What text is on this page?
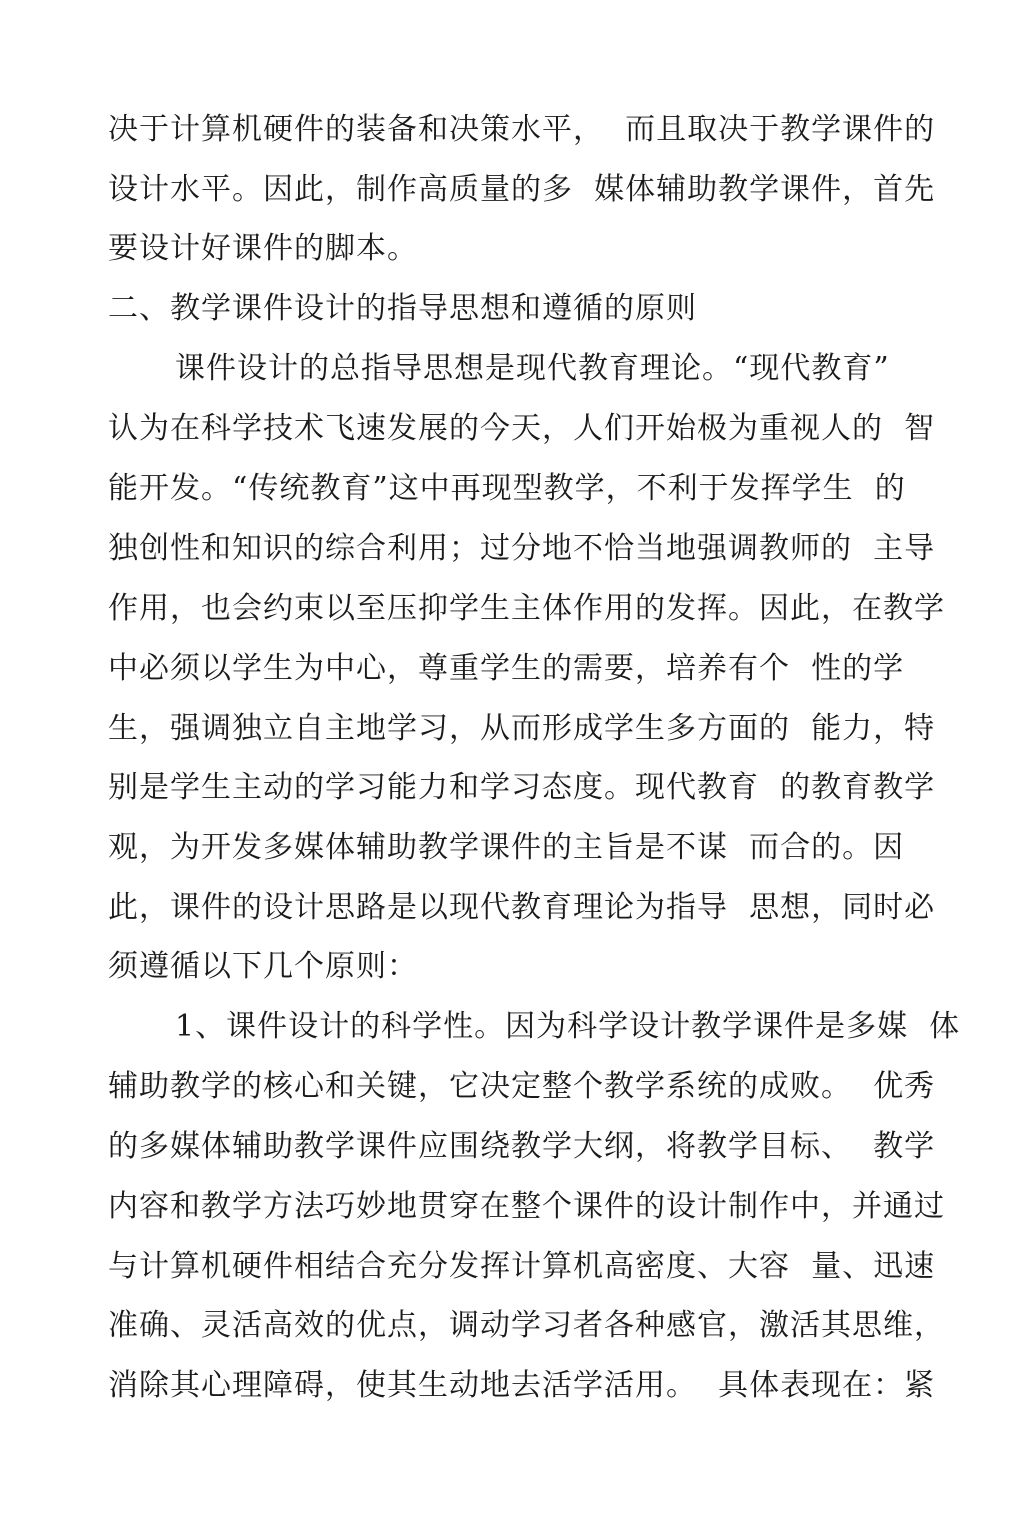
决于计算机硬件的装备和决策水平，  而且取决于教学课件的

设计水平。因此，制作高质量的多  媒体辅助教学课件，首先

要设计好课件的脚本。

二、教学课件设计的指导思想和遵循的原则

课件设计的总指导思想是现代教育理论。“现代教育”

认为在科学技术飞速发展的今天，人们开始极为重视人的  智

能开发。“传统教育”这中再现型教学，不利于发挥学生  的

独创性和知识的综合利用；过分地不恰当地强调教师的  主导

作用，也会约束以至压抑学生主体作用的发挥。因此，在教学

中必须以学生为中心，尊重学生的需要，培养有个  性的学

生，强调独立自主地学习，从而形成学生多方面的  能力，特

别是学生主动的学习能力和学习态度。现代教育  的教育教学

观，为开发多媒体辅助教学课件的主旨是不谋  而合的。因

此，课件的设计思路是以现代教育理论为指导  思想，同时必

须遵循以下几个原则：

1、课件设计的科学性。因为科学设计教学课件是多媒  体

辅助教学的核心和关键，它决定整个教学系统的成败。  优秀

的多媒体辅助教学课件应围绕教学大纲，将教学目标、  教学

内容和教学方法巧妙地贯穿在整个课件的设计制作中，并通过

与计算机硬件相结合充分发挥计算机高密度、大容  量、迅速

准确、灵活高效的优点，调动学习者各种感官，激活其思维，

消除其心理障碍，使其生动地去活学活用。  具体表现在：紧
